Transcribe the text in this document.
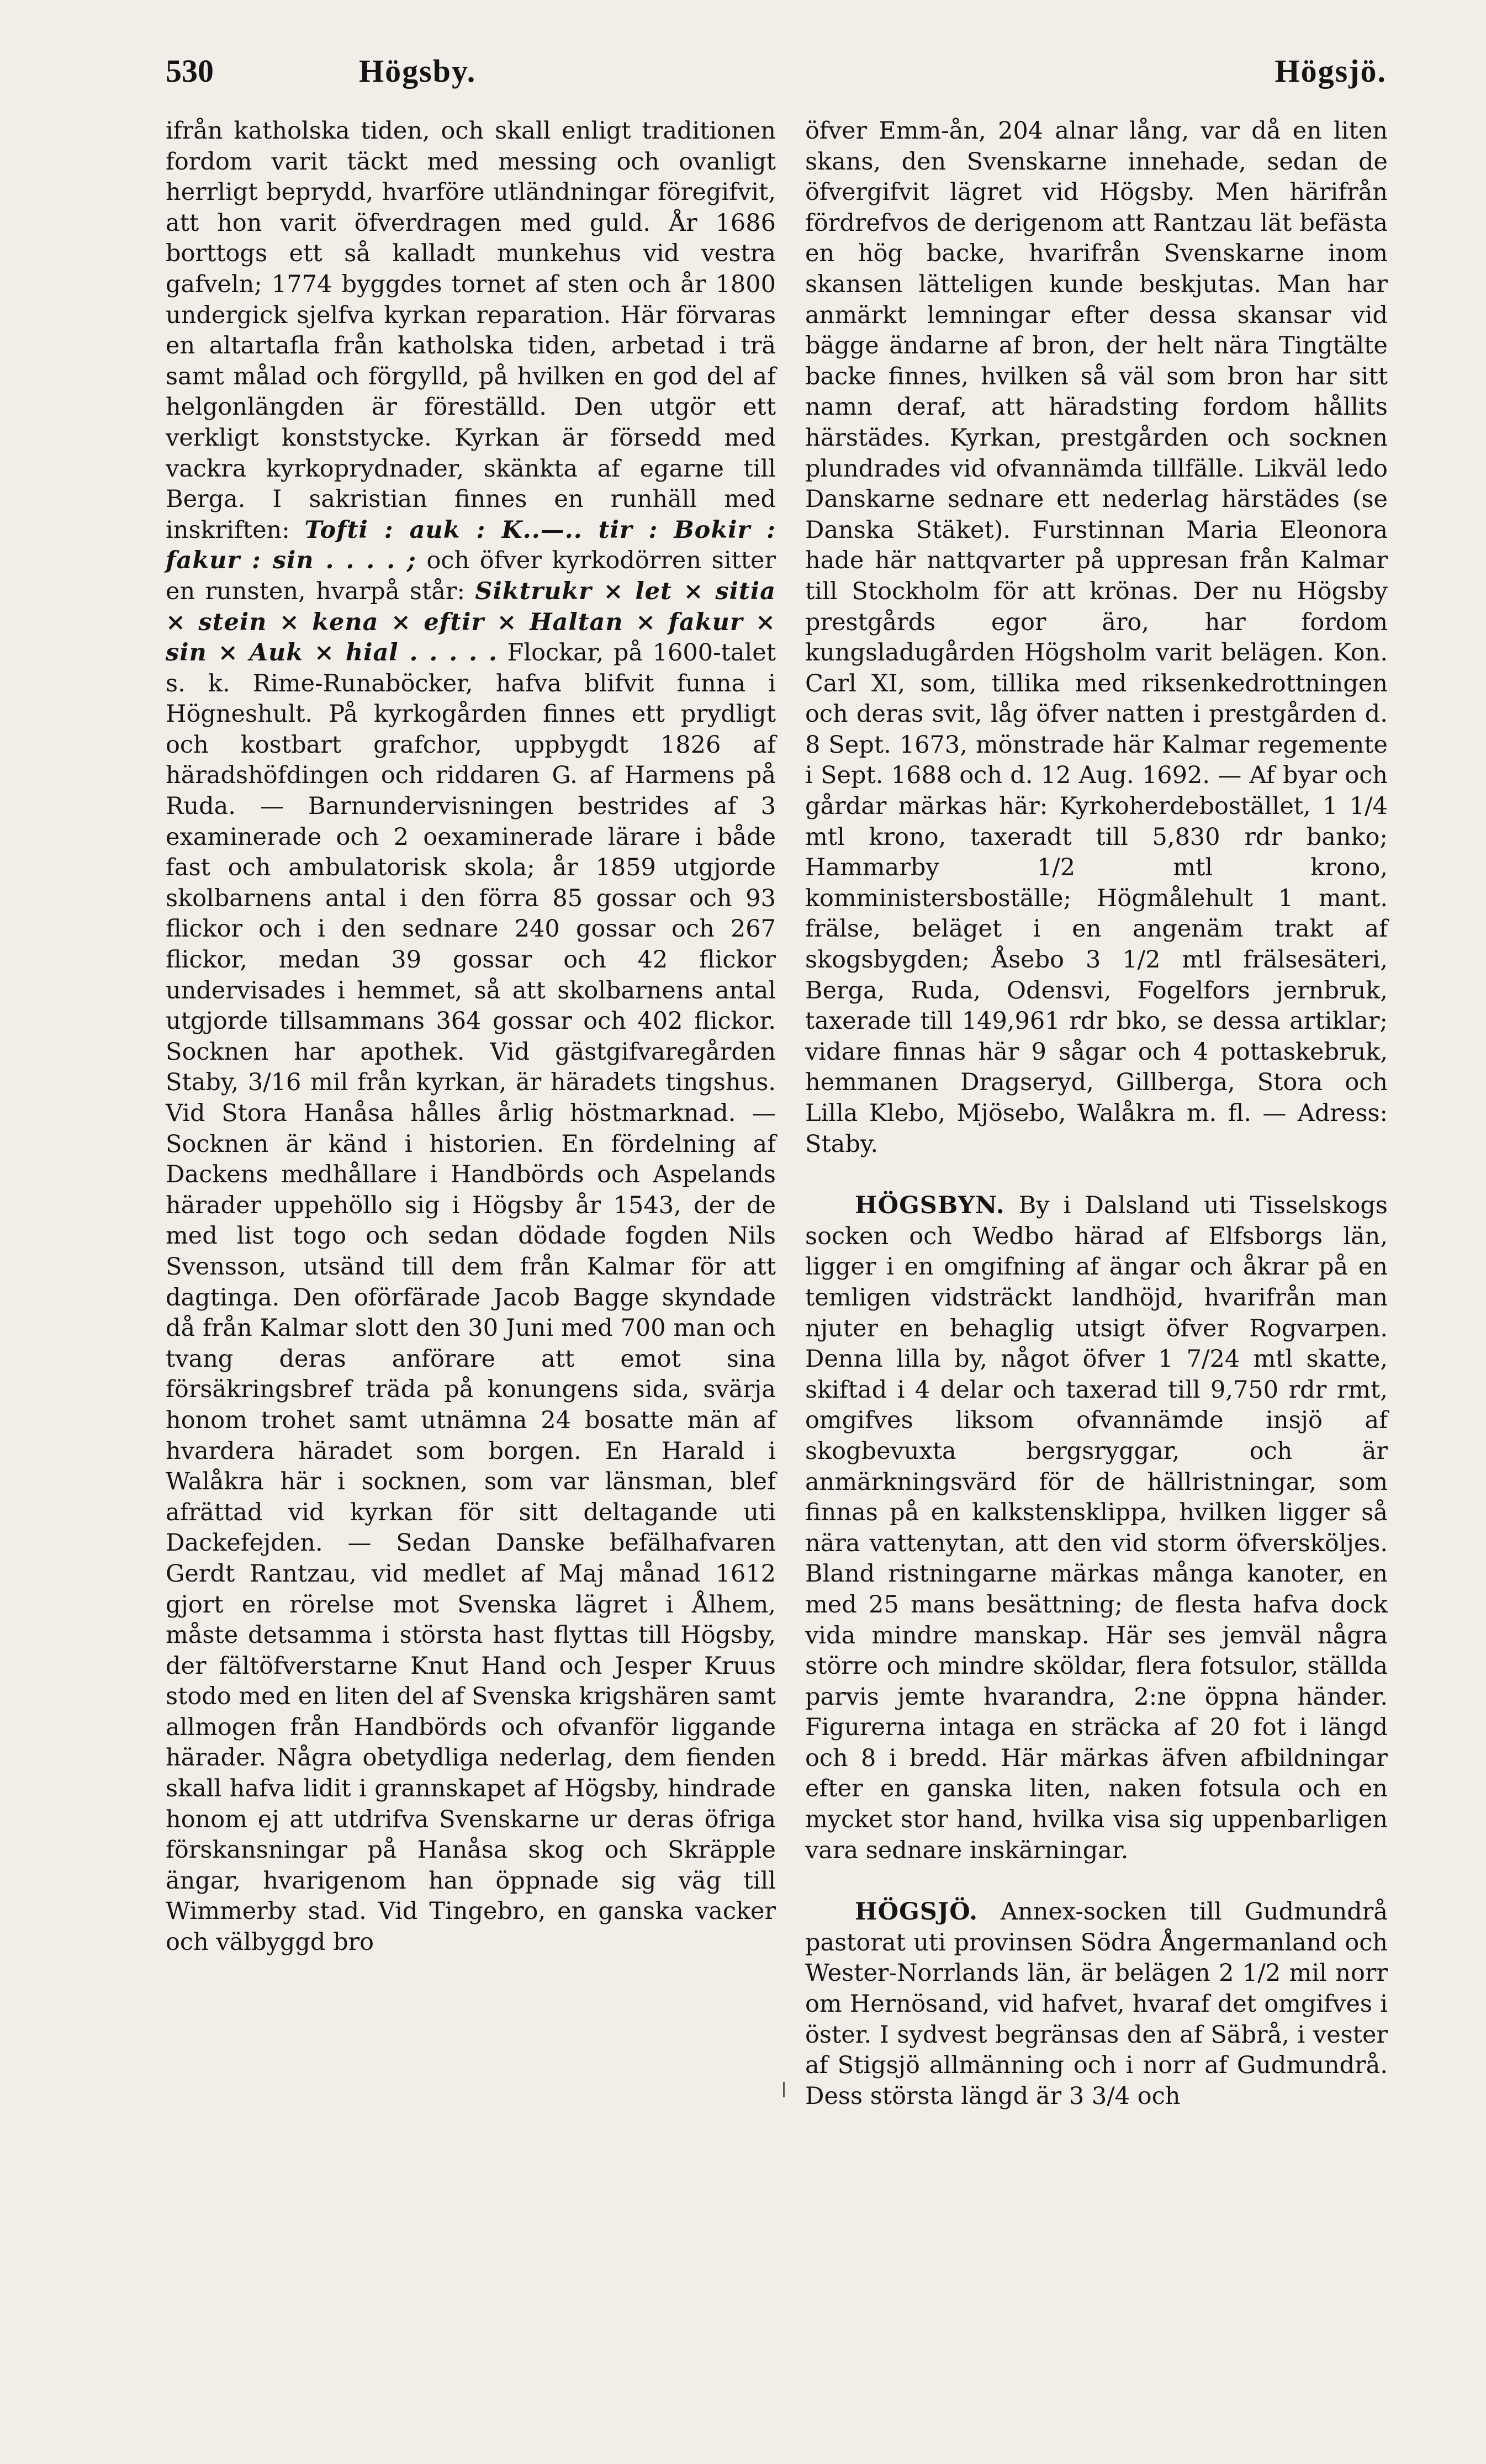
530	Högsby.	Högsjö.

ifrån katholska tiden, och skall enligt traditionen fordom varit täckt med messing och ovanligt herrligt beprydd, hvarföre utländningar föregifvit, att hon varit öfverdragen med guld. År 1686 borttogs ett så kalladt munkehus vid vestra gafveln; 1774 byggdes tornet af sten och år 1800 undergick sjelfva kyrkan reparation. Här förvaras en altartafla från katholska tiden, arbetad i trä samt målad och förgylld, på hvilken en god del af helgonlängden är föreställd. Den utgör ett verkligt konststycke. Kyrkan är försedd med vackra kyrkoprydnader, skänkta af egarne till Berga. I sakristian finnes en runhäll med inskriften: Tofti : auk : K..—.. tir : Bokir : fakur : sin . . . . ; och öfver kyrkodörren sitter en runsten, hvarpå står: Siktrukr × let × sitia × stein × kena × eftir × Haltan × fakur × sin × Auk × hial . . . . . Flockar, på 1600-talet s. k. Rime-Runaböcker, hafva blifvit funna i Högneshult. På kyrkogården finnes ett prydligt och kostbart grafchor, uppbygdt 1826 af häradshöfdingen och riddaren G. af Harmens på Ruda. — Barnundervisningen bestrides af 3 examinerade och 2 oexaminerade lärare i både fast och ambulatorisk skola; år 1859 utgjorde skolbarnens antal i den förra 85 gossar och 93 flickor och i den sednare 240 gossar och 267 flickor, medan 39 gossar och 42 flickor undervisades i hemmet, så att skolbarnens antal utgjorde tillsammans 364 gossar och 402 flickor. Socknen har apothek. Vid gästgifvaregården Staby, 3/16 mil från kyrkan, är häradets tingshus. Vid Stora Hanåsa hålles årlig höstmarknad. — Socknen är känd i historien. En fördelning af Dackens medhållare i Handbörds och Aspelands härader uppehöllo sig i Högsby år 1543, der de med list togo och sedan dödade fogden Nils Svensson, utsänd till dem från Kalmar för att dagtinga. Den oförfärade Jacob Bagge skyndade då från Kalmar slott den 30 Juni med 700 man och tvang deras anförare att emot sina försäkringsbref träda på konungens sida, svärja honom trohet samt utnämna 24 bosatte män af hvardera häradet som borgen. En Harald i Walåkra här i socknen, som var länsman, blef afrättad vid kyrkan för sitt deltagande uti Dackefejden. — Sedan Danske befälhafvaren Gerdt Rantzau, vid medlet af Maj månad 1612 gjort en rörelse mot Svenska lägret i Ålhem, måste detsamma i största hast flyttas till Högsby, der fältöfverstarne Knut Hand och Jesper Kruus stodo med en liten del af Svenska krigshären samt allmogen från Handbörds och ofvanför liggande härader. Några obetydliga nederlag, dem fienden skall hafva lidit i grannskapet af Högsby, hindrade honom ej att utdrifva Svenskarne ur deras öfriga förskansningar på Hanåsa skog och Skräpple ängar, hvarigenom han öppnade sig väg till Wimmerby stad. Vid Tingebro, en ganska vacker och välbyggd bro

öfver Emm-ån, 204 alnar lång, var då en liten skans, den Svenskarne innehade, sedan de öfvergifvit lägret vid Högsby. Men härifrån fördrefvos de derigenom att Rantzau lät befästa en hög backe, hvarifrån Svenskarne inom skansen lätteligen kunde beskjutas. Man har anmärkt lemningar efter dessa skansar vid bägge ändarne af bron, der helt nära Tingtälte backe finnes, hvilken så väl som bron har sitt namn deraf, att häradsting fordom hållits härstädes. Kyrkan, prestgården och socknen plundrades vid ofvannämda tillfälle. Likväl ledo Danskarne sednare ett nederlag härstädes (se Danska Stäket). Furstinnan Maria Eleonora hade här nattqvarter på uppresan från Kalmar till Stockholm för att krönas. Der nu Högsby prestgårds egor äro, har fordom kungsladugården Högsholm varit belägen. Kon. Carl XI, som, tillika med riksenkedrottningen och deras svit, låg öfver natten i prestgården d. 8 Sept. 1673, mönstrade här Kalmar regemente i Sept. 1688 och d. 12 Aug. 1692. — Af byar och gårdar märkas här: Kyrkoherdebostället, 1 1/4 mtl krono, taxeradt till 5,830 rdr banko; Hammarby 1/2 mtl krono, komministersboställe; Högmålehult 1 mant. frälse, beläget i en angenäm trakt af skogsbygden; Åsebo 3 1/2 mtl frälsesäteri, Berga, Ruda, Odensvi, Fogelfors jernbruk, taxerade till 149,961 rdr bko, se dessa artiklar; vidare finnas här 9 sågar och 4 pottaskebruk, hemmanen Dragseryd, Gillberga, Stora och Lilla Klebo, Mjösebo, Walåkra m. fl. — Adress: Staby.

HÖGSBYN. By i Dalsland uti Tisselskogs socken och Wedbo härad af Elfsborgs län, ligger i en omgifning af ängar och åkrar på en temligen vidsträckt landhöjd, hvarifrån man njuter en behaglig utsigt öfver Rogvarpen. Denna lilla by, något öfver 1 7/24 mtl skatte, skiftad i 4 delar och taxerad till 9,750 rdr rmt, omgifves liksom ofvannämde insjö af skogbevuxta bergsryggar, och är anmärkningsvärd för de hällristningar, som finnas på en kalkstensklippa, hvilken ligger så nära vattenytan, att den vid storm öfversköljes. Bland ristningarne märkas många kanoter, en med 25 mans besättning; de flesta hafva dock vida mindre manskap. Här ses jemväl några större och mindre sköldar, flera fotsulor, ställda parvis jemte hvarandra, 2:ne öppna händer. Figurerna intaga en sträcka af 20 fot i längd och 8 i bredd. Här märkas äfven afbildningar efter en ganska liten, naken fotsula och en mycket stor hand, hvilka visa sig uppenbarligen vara sednare inskärningar.

HÖGSJÖ. Annex-socken till Gudmundrå pastorat uti provinsen Södra Ångermanland och Wester-Norrlands län, är belägen 2 1/2 mil norr om Hernösand, vid hafvet, hvaraf det omgifves i öster. I sydvest begränsas den af Säbrå, i vester af Stigsjö allmänning och i norr af Gudmundrå. Dess största längd är 3 3/4 och
